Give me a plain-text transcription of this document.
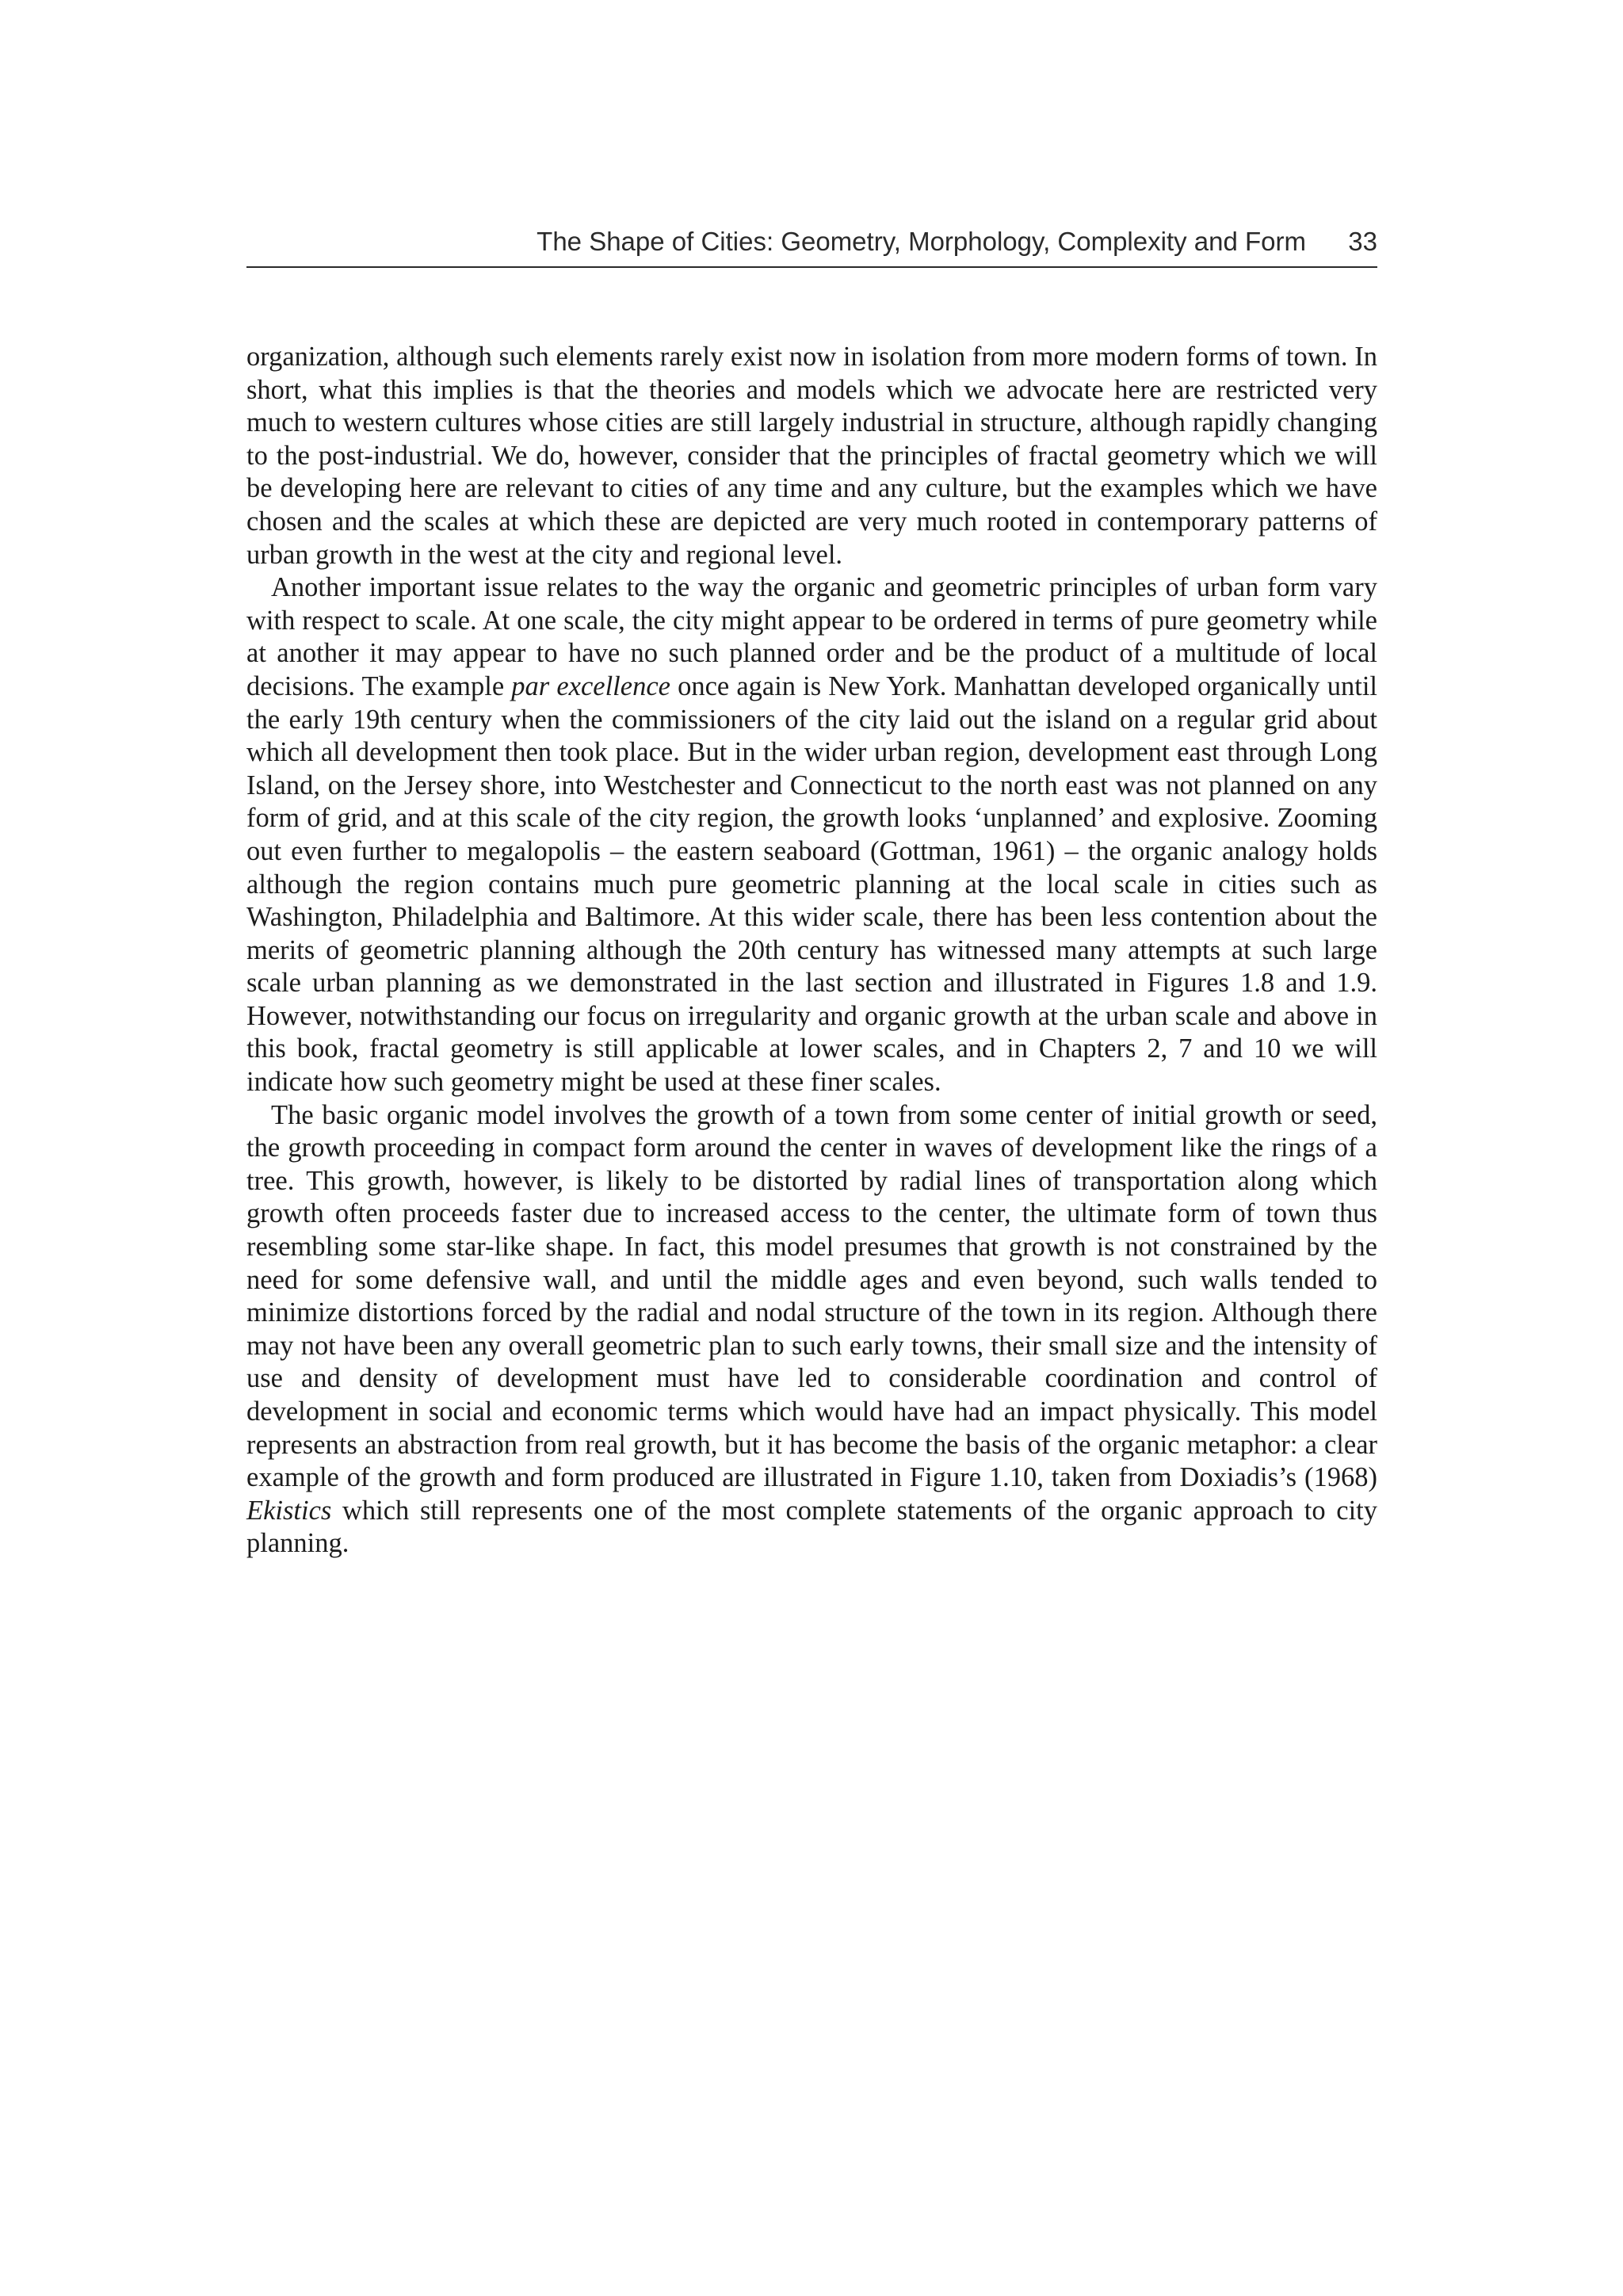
The Shape of Cities: Geometry, Morphology, Complexity and Form 33

organization, although such elements rarely exist now in isolation from more modern forms of town. In short, what this implies is that the theories and models which we advocate here are restricted very much to western cultures whose cities are still largely industrial in structure, although rapidly changing to the post-industrial. We do, however, consider that the principles of fractal geometry which we will be developing here are relevant to cities of any time and any culture, but the examples which we have chosen and the scales at which these are depicted are very much rooted in contemporary patterns of urban growth in the west at the city and regional level.

Another important issue relates to the way the organic and geometric principles of urban form vary with respect to scale. At one scale, the city might appear to be ordered in terms of pure geometry while at another it may appear to have no such planned order and be the product of a multitude of local decisions. The example par excellence once again is New York. Manhattan developed organically until the early 19th century when the commissioners of the city laid out the island on a regular grid about which all development then took place. But in the wider urban region, development east through Long Island, on the Jersey shore, into Westchester and Connecticut to the north east was not planned on any form of grid, and at this scale of the city region, the growth looks ‘unplanned’ and explosive. Zooming out even further to megalopolis – the eastern seaboard (Gottman, 1961) – the organic analogy holds although the region contains much pure geometric planning at the local scale in cities such as Washington, Philadelphia and Baltimore. At this wider scale, there has been less contention about the merits of geometric planning although the 20th century has witnessed many attempts at such large scale urban planning as we demonstrated in the last section and illustrated in Figures 1.8 and 1.9. However, notwithstanding our focus on irregularity and organic growth at the urban scale and above in this book, fractal geometry is still applicable at lower scales, and in Chapters 2, 7 and 10 we will indicate how such geometry might be used at these finer scales.

The basic organic model involves the growth of a town from some center of initial growth or seed, the growth proceeding in compact form around the center in waves of development like the rings of a tree. This growth, however, is likely to be distorted by radial lines of transportation along which growth often proceeds faster due to increased access to the center, the ultimate form of town thus resembling some star-like shape. In fact, this model presumes that growth is not constrained by the need for some defensive wall, and until the middle ages and even beyond, such walls tended to minimize distortions forced by the radial and nodal structure of the town in its region. Although there may not have been any overall geometric plan to such early towns, their small size and the intensity of use and density of development must have led to considerable coordination and control of development in social and economic terms which would have had an impact physically. This model represents an abstraction from real growth, but it has become the basis of the organic metaphor: a clear example of the growth and form produced are illustrated in Figure 1.10, taken from Doxiadis’s (1968) Ekistics which still represents one of the most complete statements of the organic approach to city planning.
